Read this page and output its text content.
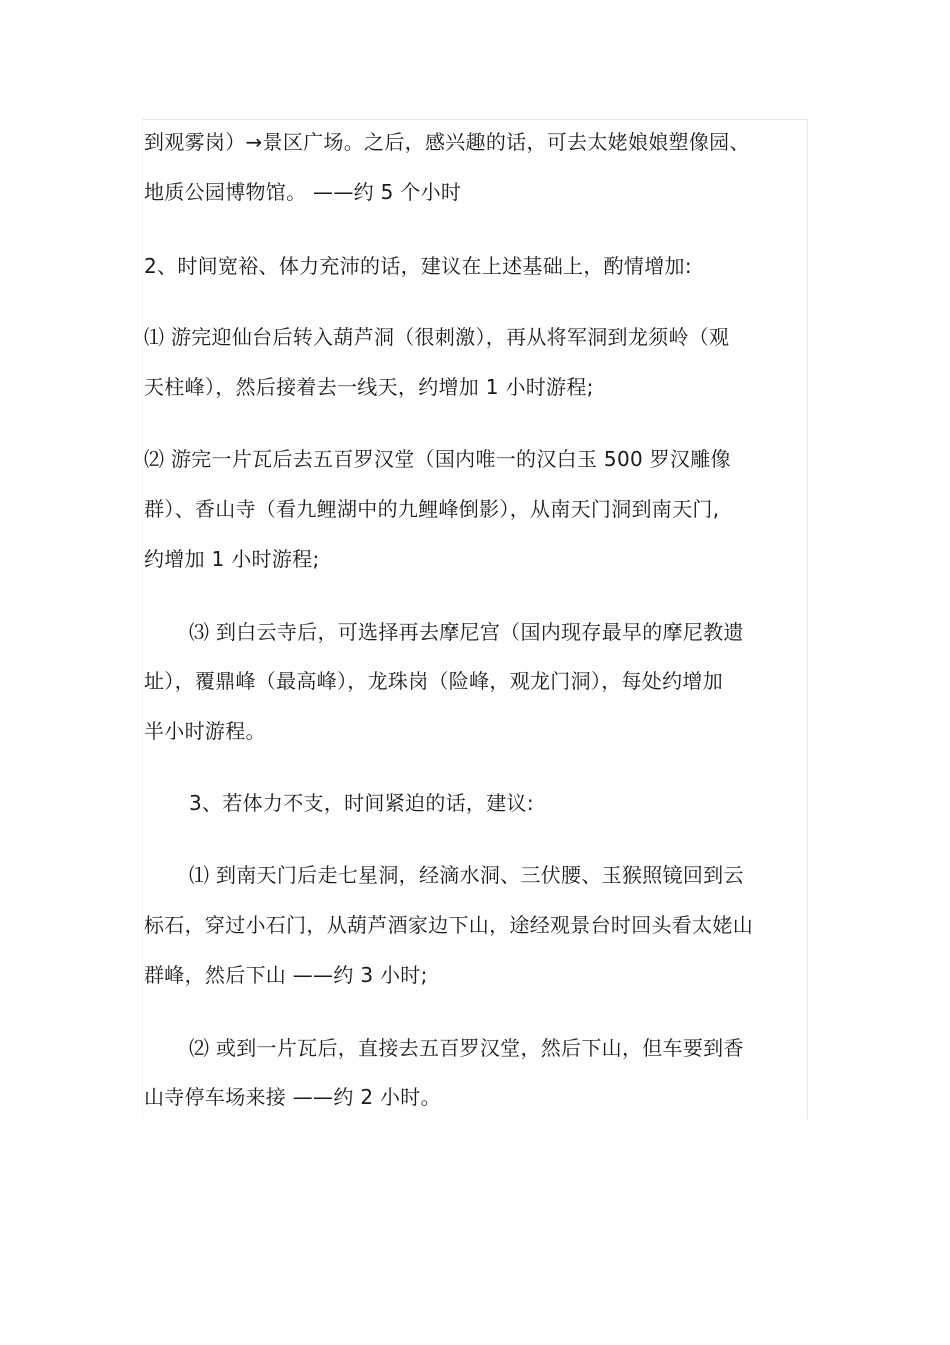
到观雾岗）→景区广场。之后，感兴趣的话，可去太姥娘娘塑像园、
地质公园博物馆。 ——约 5 个小时
2、时间宽裕、体力充沛的话，建议在上述基础上，酌情增加:
⑴ 游完迎仙台后转入葫芦洞（很刺激），再从将军洞到龙须岭（观
天柱峰），然后接着去一线天，约增加 1 小时游程;
⑵ 游完一片瓦后去五百罗汉堂（国内唯一的汉白玉 500 罗汉雕像
群）、香山寺（看九鲤湖中的九鲤峰倒影），从南天门洞到南天门,
约增加 1 小时游程;
⑶ 到白云寺后，可选择再去摩尼宫（国内现存最早的摩尼教遗
址），覆鼎峰（最高峰），龙珠岗（险峰，观龙门洞），每处约增加
半小时游程。
3、若体力不支，时间紧迫的话，建议:
⑴ 到南天门后走七星洞，经滴水洞、三伏腰、玉猴照镜回到云
标石，穿过小石门，从葫芦酒家边下山，途经观景台时回头看太姥山
群峰，然后下山 ——约 3 小时;
⑵ 或到一片瓦后，直接去五百罗汉堂，然后下山，但车要到香
山寺停车场来接 ——约 2 小时。
